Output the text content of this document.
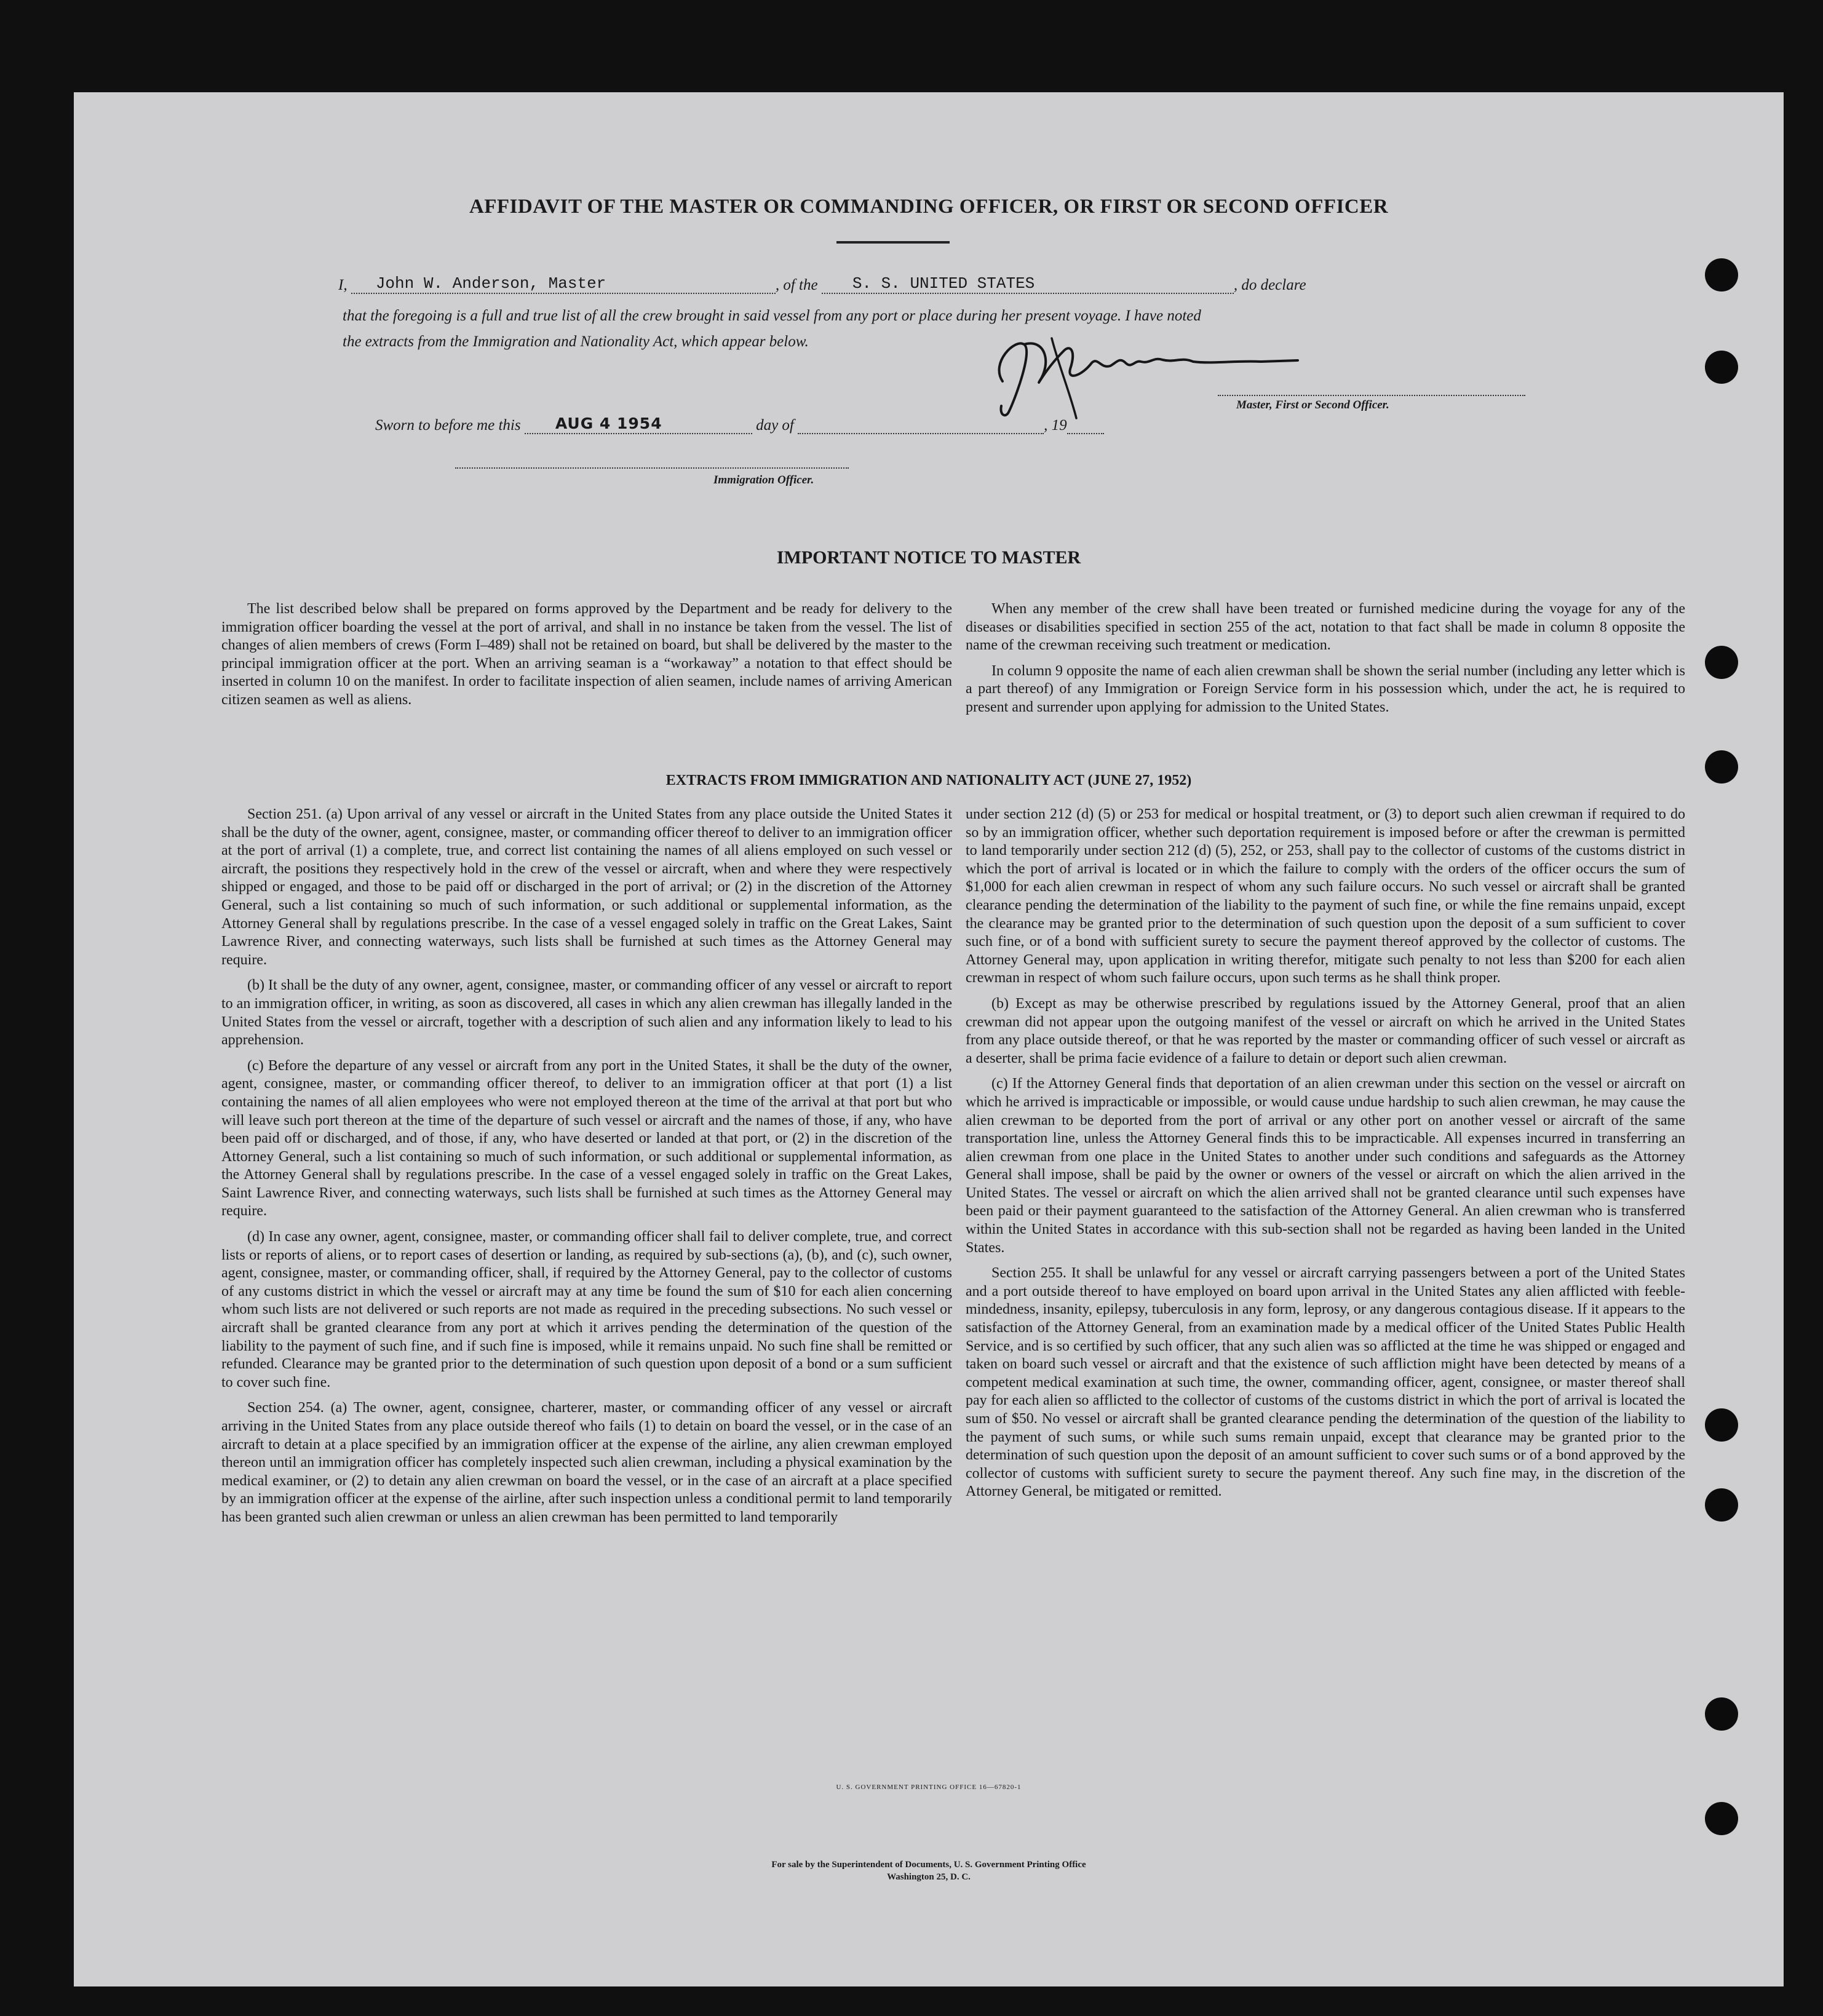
AFFIDAVIT OF THE MASTER OR COMMANDING OFFICER, OR FIRST OR SECOND OFFICER
I, John W. Anderson, Master	, of the S. S. UNITED STATES	, do declare
that the foregoing is a full and true list of all the crew brought in said vessel from any port or place during her present voyage. I have noted
the extracts from the Immigration and Nationality Act, which appear below.
Master, First or Second Officer.
Sworn to before me this AUG 4 1954	day of	, 19
Immigration Officer.
IMPORTANT NOTICE TO MASTER

The list described below shall be prepared on forms approved by the Department and be ready for delivery to the immigration officer boarding the vessel at the port of arrival, and shall in no instance be taken from the vessel. The list of changes of alien members of crews (Form I–489) shall not be retained on board, but shall be delivered by the master to the principal immigration officer at the port. When an arriving seaman is a “workaway” a notation to that effect should be inserted in column 10 on the manifest. In order to facilitate inspection of alien seamen, include names of arriving American citizen seamen as well as aliens.

When any member of the crew shall have been treated or furnished medicine during the voyage for any of the diseases or disabilities specified in section 255 of the act, notation to that fact shall be made in column 8 opposite the name of the crewman receiving such treatment or medication.

In column 9 opposite the name of each alien crewman shall be shown the serial number (including any letter which is a part thereof) of any Immigration or Foreign Service form in his possession which, under the act, he is required to present and surrender upon applying for admission to the United States.

EXTRACTS FROM IMMIGRATION AND NATIONALITY ACT (JUNE 27, 1952)

Section 251. (a) Upon arrival of any vessel or aircraft in the United States from any place outside the United States it shall be the duty of the owner, agent, consignee, master, or commanding officer thereof to deliver to an immigration officer at the port of arrival (1) a complete, true, and correct list containing the names of all aliens employed on such vessel or aircraft, the positions they respectively hold in the crew of the vessel or aircraft, when and where they were respectively shipped or engaged, and those to be paid off or discharged in the port of arrival; or (2) in the discretion of the Attorney General, such a list containing so much of such information, or such additional or supplemental information, as the Attorney General shall by regulations prescribe. In the case of a vessel engaged solely in traffic on the Great Lakes, Saint Lawrence River, and connecting waterways, such lists shall be furnished at such times as the Attorney General may require.

(b) It shall be the duty of any owner, agent, consignee, master, or commanding officer of any vessel or aircraft to report to an immigration officer, in writing, as soon as discovered, all cases in which any alien crewman has illegally landed in the United States from the vessel or aircraft, together with a description of such alien and any information likely to lead to his apprehension.

(c) Before the departure of any vessel or aircraft from any port in the United States, it shall be the duty of the owner, agent, consignee, master, or commanding officer thereof, to deliver to an immigration officer at that port (1) a list containing the names of all alien employees who were not employed thereon at the time of the arrival at that port but who will leave such port thereon at the time of the departure of such vessel or aircraft and the names of those, if any, who have been paid off or discharged, and of those, if any, who have deserted or landed at that port, or (2) in the discretion of the Attorney General, such a list containing so much of such information, or such additional or supplemental information, as the Attorney General shall by regulations prescribe. In the case of a vessel engaged solely in traffic on the Great Lakes, Saint Lawrence River, and connecting waterways, such lists shall be furnished at such times as the Attorney General may require.

(d) In case any owner, agent, consignee, master, or commanding officer shall fail to deliver complete, true, and correct lists or reports of aliens, or to report cases of desertion or landing, as required by sub-sections (a), (b), and (c), such owner, agent, consignee, master, or commanding officer, shall, if required by the Attorney General, pay to the collector of customs of any customs district in which the vessel or aircraft may at any time be found the sum of $10 for each alien concerning whom such lists are not delivered or such reports are not made as required in the preceding subsections. No such vessel or aircraft shall be granted clearance from any port at which it arrives pending the determination of the question of the liability to the payment of such fine, and if such fine is imposed, while it remains unpaid. No such fine shall be remitted or refunded. Clearance may be granted prior to the determination of such question upon deposit of a bond or a sum sufficient to cover such fine.

Section 254. (a) The owner, agent, consignee, charterer, master, or commanding officer of any vessel or aircraft arriving in the United States from any place outside thereof who fails (1) to detain on board the vessel, or in the case of an aircraft to detain at a place specified by an immigration officer at the expense of the airline, any alien crewman employed thereon until an immigration officer has completely inspected such alien crewman, including a physical examination by the medical examiner, or (2) to detain any alien crewman on board the vessel, or in the case of an aircraft at a place specified by an immigration officer at the expense of the airline, after such inspection unless a conditional permit to land temporarily has been granted such alien crewman or unless an alien crewman has been permitted to land temporarily

under section 212 (d) (5) or 253 for medical or hospital treatment, or (3) to deport such alien crewman if required to do so by an immigration officer, whether such deportation requirement is imposed before or after the crewman is permitted to land temporarily under section 212 (d) (5), 252, or 253, shall pay to the collector of customs of the customs district in which the port of arrival is located or in which the failure to comply with the orders of the officer occurs the sum of $1,000 for each alien crewman in respect of whom any such failure occurs. No such vessel or aircraft shall be granted clearance pending the determination of the liability to the payment of such fine, or while the fine remains unpaid, except the clearance may be granted prior to the determination of such question upon the deposit of a sum sufficient to cover such fine, or of a bond with sufficient surety to secure the payment thereof approved by the collector of customs. The Attorney General may, upon application in writing therefor, mitigate such penalty to not less than $200 for each alien crewman in respect of whom such failure occurs, upon such terms as he shall think proper.

(b) Except as may be otherwise prescribed by regulations issued by the Attorney General, proof that an alien crewman did not appear upon the outgoing manifest of the vessel or aircraft on which he arrived in the United States from any place outside thereof, or that he was reported by the master or commanding officer of such vessel or aircraft as a deserter, shall be prima facie evidence of a failure to detain or deport such alien crewman.

(c) If the Attorney General finds that deportation of an alien crewman under this section on the vessel or aircraft on which he arrived is impracticable or impossible, or would cause undue hardship to such alien crewman, he may cause the alien crewman to be deported from the port of arrival or any other port on another vessel or aircraft of the same transportation line, unless the Attorney General finds this to be impracticable. All expenses incurred in transferring an alien crewman from one place in the United States to another under such conditions and safeguards as the Attorney General shall impose, shall be paid by the owner or owners of the vessel or aircraft on which the alien arrived in the United States. The vessel or aircraft on which the alien arrived shall not be granted clearance until such expenses have been paid or their payment guaranteed to the satisfaction of the Attorney General. An alien crewman who is transferred within the United States in accordance with this sub-section shall not be regarded as having been landed in the United States.

Section 255. It shall be unlawful for any vessel or aircraft carrying passengers between a port of the United States and a port outside thereof to have employed on board upon arrival in the United States any alien afflicted with feeble-mindedness, insanity, epilepsy, tuberculosis in any form, leprosy, or any dangerous contagious disease. If it appears to the satisfaction of the Attorney General, from an examination made by a medical officer of the United States Public Health Service, and is so certified by such officer, that any such alien was so afflicted at the time he was shipped or engaged and taken on board such vessel or aircraft and that the existence of such affliction might have been detected by means of a competent medical examination at such time, the owner, commanding officer, agent, consignee, or master thereof shall pay for each alien so afflicted to the collector of customs of the customs district in which the port of arrival is located the sum of $50. No vessel or aircraft shall be granted clearance pending the determination of the question of the liability to the payment of such sums, or while such sums remain unpaid, except that clearance may be granted prior to the determination of such question upon the deposit of an amount sufficient to cover such sums or of a bond approved by the collector of customs with sufficient surety to secure the payment thereof. Any such fine may, in the discretion of the Attorney General, be mitigated or remitted.

U. S. GOVERNMENT PRINTING OFFICE 16—67820-1
For sale by the Superintendent of Documents, U. S. Government Printing Office
Washington 25, D. C.
